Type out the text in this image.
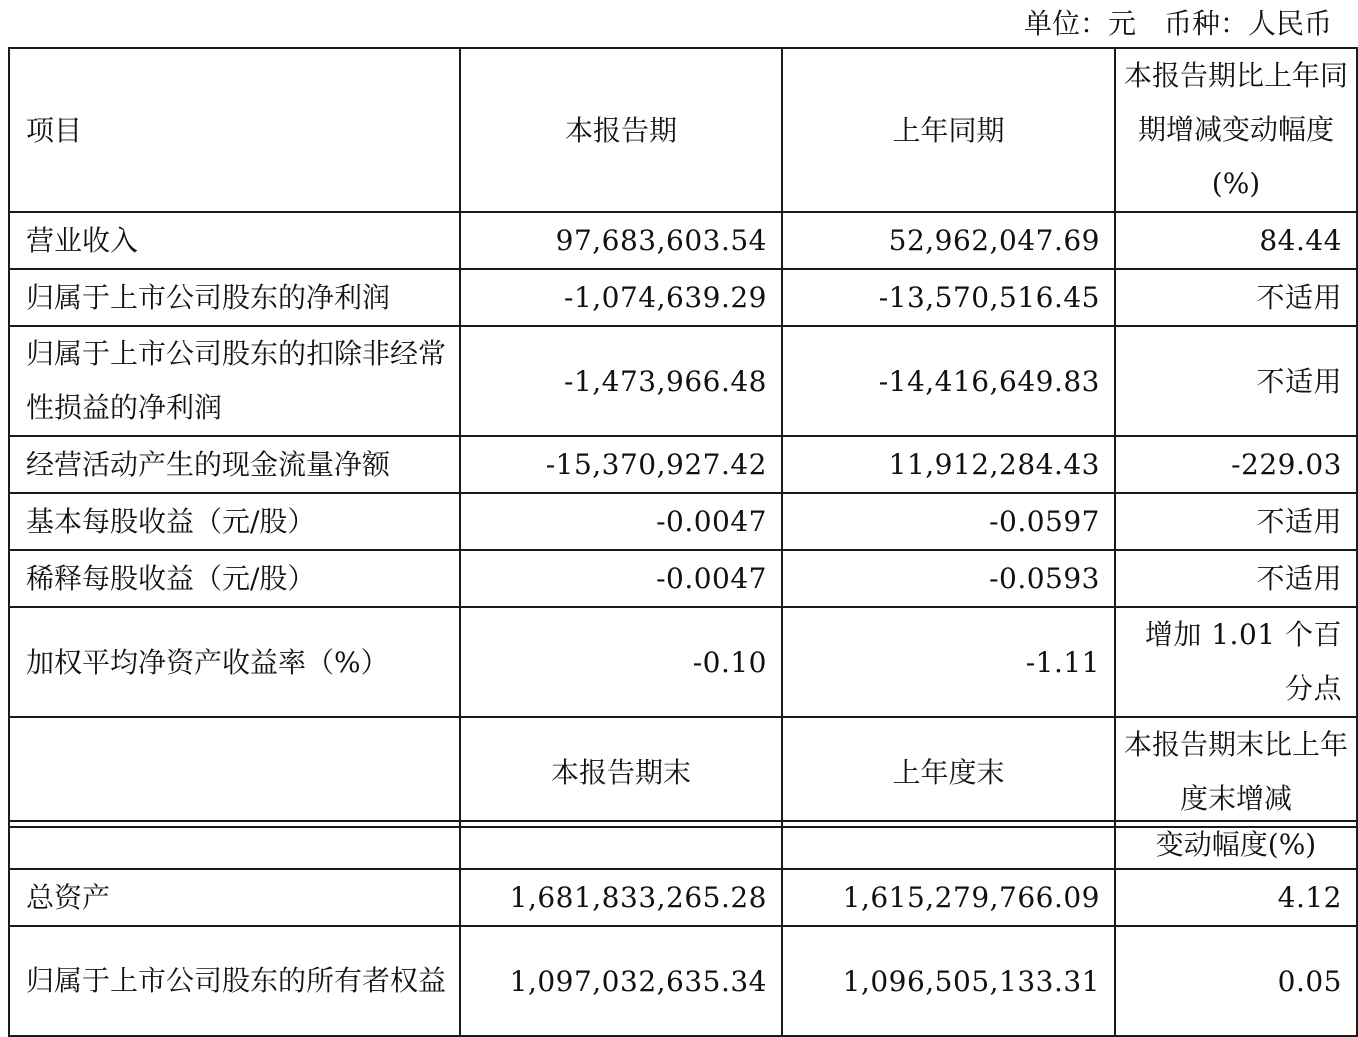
单位：元　币种：人民币
项目	本报告期	上年同期	本报告期比上年同期增减变动幅度(%)
营业收入	97,683,603.54	52,962,047.69	84.44
归属于上市公司股东的净利润	-1,074,639.29	-13,570,516.45	不适用
归属于上市公司股东的扣除非经常性损益的净利润	-1,473,966.48	-14,416,649.83	不适用
经营活动产生的现金流量净额	-15,370,927.42	11,912,284.43	-229.03
基本每股收益（元/股）	-0.0047	-0.0597	不适用
稀释每股收益（元/股）	-0.0047	-0.0593	不适用
加权平均净资产收益率（%）	-0.10	-1.11	增加 1.01 个百分点
	本报告期末	上年度末	本报告期末比上年度末增减
			变动幅度(%)
总资产	1,681,833,265.28	1,615,279,766.09	4.12
归属于上市公司股东的所有者权益	1,097,032,635.34	1,096,505,133.31	0.05
